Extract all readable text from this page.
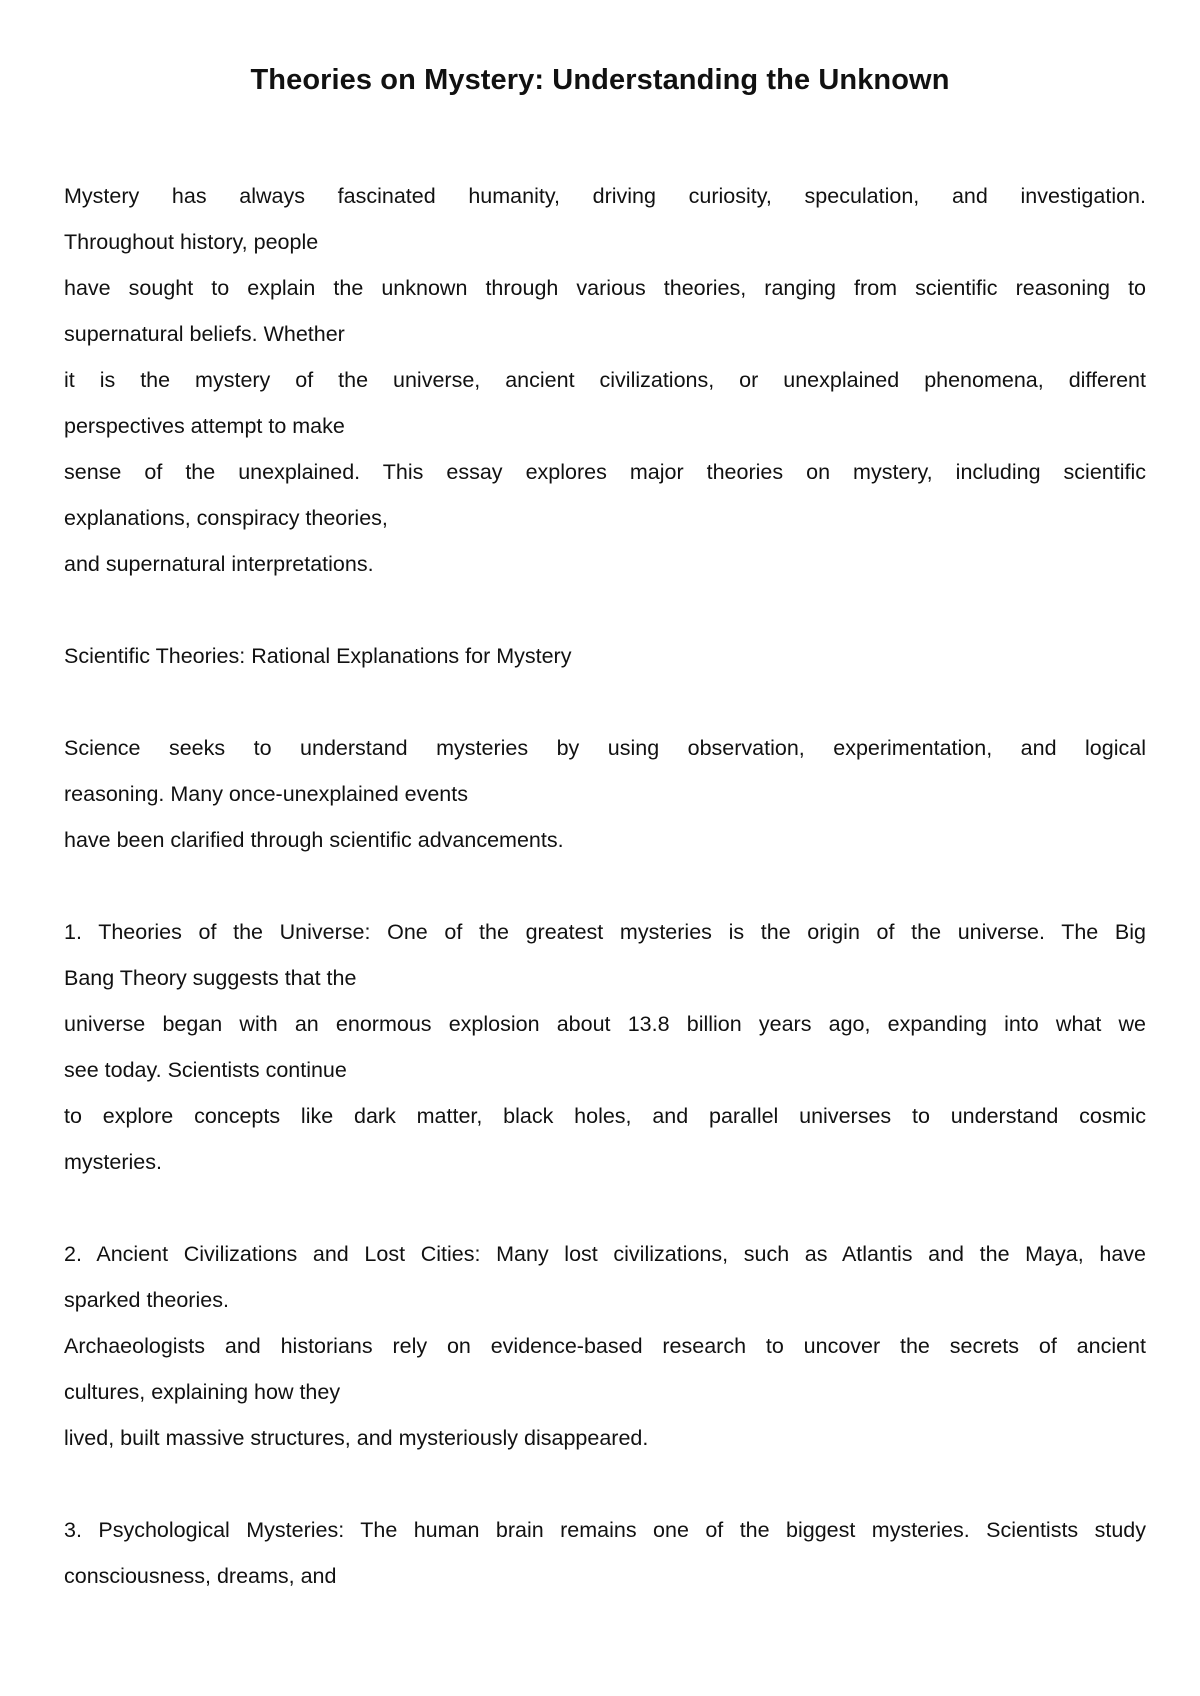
Theories on Mystery: Understanding the Unknown
Mystery has always fascinated humanity, driving curiosity, speculation, and investigation.
Throughout history, people
have sought to explain the unknown through various theories, ranging from scientific reasoning to
supernatural beliefs. Whether
it is the mystery of the universe, ancient civilizations, or unexplained phenomena, different
perspectives attempt to make
sense of the unexplained. This essay explores major theories on mystery, including scientific
explanations, conspiracy theories,
and supernatural interpretations.
Scientific Theories: Rational Explanations for Mystery
Science seeks to understand mysteries by using observation, experimentation, and logical
reasoning. Many once-unexplained events
have been clarified through scientific advancements.
1. Theories of the Universe: One of the greatest mysteries is the origin of the universe. The Big
Bang Theory suggests that the
universe began with an enormous explosion about 13.8 billion years ago, expanding into what we
see today. Scientists continue
to explore concepts like dark matter, black holes, and parallel universes to understand cosmic
mysteries.
2. Ancient Civilizations and Lost Cities: Many lost civilizations, such as Atlantis and the Maya, have
sparked theories.
Archaeologists and historians rely on evidence-based research to uncover the secrets of ancient
cultures, explaining how they
lived, built massive structures, and mysteriously disappeared.
3. Psychological Mysteries: The human brain remains one of the biggest mysteries. Scientists study
consciousness, dreams, and
